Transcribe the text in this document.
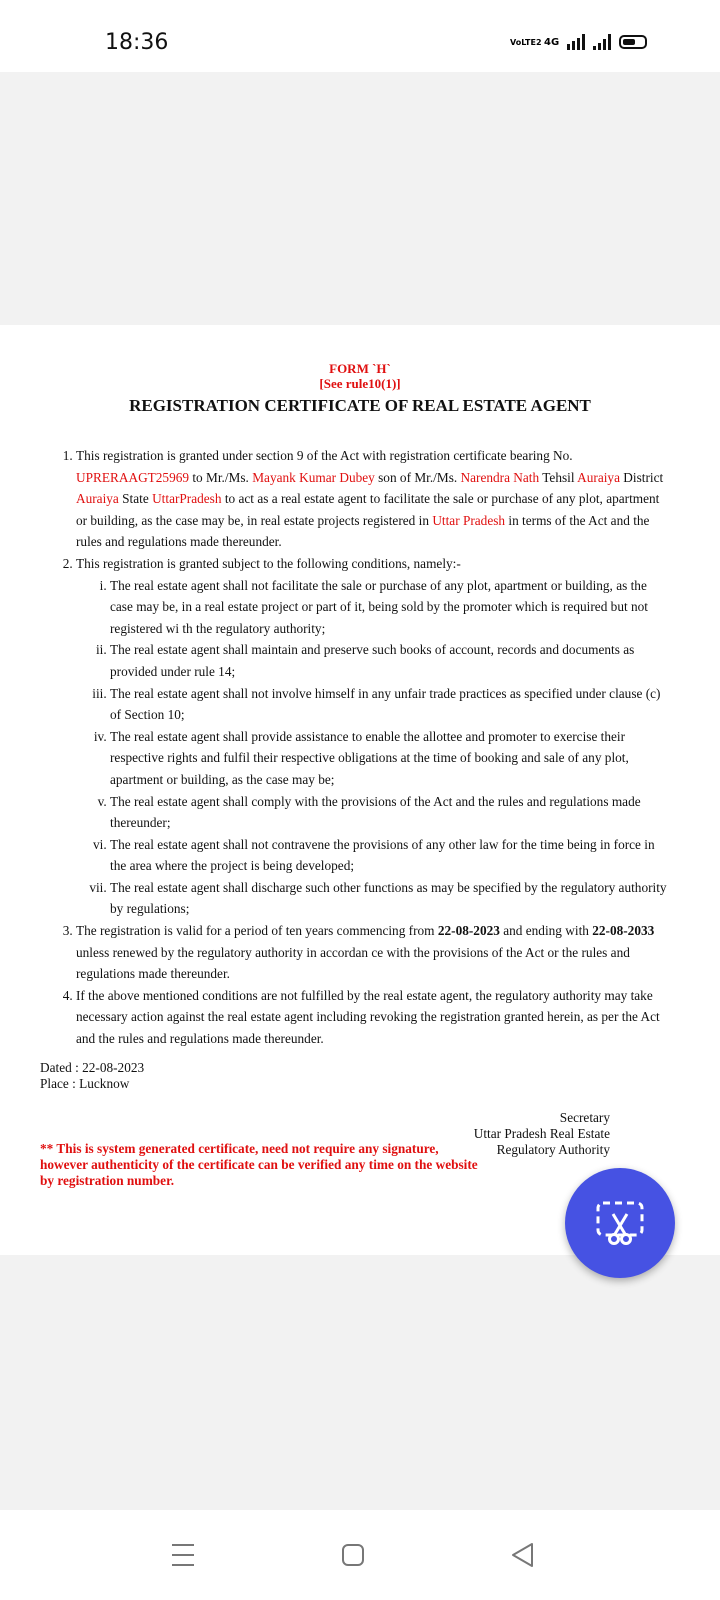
18:36	VoLTE2 4G
FORM `H`
[See rule10(1)]
REGISTRATION CERTIFICATE OF REAL ESTATE AGENT
1. This registration is granted under section 9 of the Act with registration certificate bearing No. UPRERAAGT25969 to Mr./Ms. Mayank Kumar Dubey son of Mr./Ms. Narendra Nath Tehsil Auraiya District Auraiya State UttarPradesh to act as a real estate agent to facilitate the sale or purchase of any plot, apartment or building, as the case may be, in real estate projects registered in Uttar Pradesh in terms of the Act and the rules and regulations made thereunder.
2. This registration is granted subject to the following conditions, namely:-
i. The real estate agent shall not facilitate the sale or purchase of any plot, apartment or building, as the case may be, in a real estate project or part of it, being sold by the promoter which is required but not registered wi th the regulatory authority;
ii. The real estate agent shall maintain and preserve such books of account, records and documents as provided under rule 14;
iii. The real estate agent shall not involve himself in any unfair trade practices as specified under clause (c) of Section 10;
iv. The real estate agent shall provide assistance to enable the allottee and promoter to exercise their respective rights and fulfil their respective obligations at the time of booking and sale of any plot, apartment or building, as the case may be;
v. The real estate agent shall comply with the provisions of the Act and the rules and regulations made thereunder;
vi. The real estate agent shall not contravene the provisions of any other law for the time being in force in the area where the project is being developed;
vii. The real estate agent shall discharge such other functions as may be specified by the regulatory authority by regulations;
3. The registration is valid for a period of ten years commencing from 22-08-2023 and ending with 22-08-2033 unless renewed by the regulatory authority in accordan ce with the provisions of the Act or the rules and regulations made thereunder.
4. If the above mentioned conditions are not fulfilled by the real estate agent, the regulatory authority may take necessary action against the real estate agent including revoking the registration granted herein, as per the Act and the rules and regulations made thereunder.
Dated : 22-08-2023
Place : Lucknow
Secretary
Uttar Pradesh Real Estate
Regulatory Authority
** This is system generated certificate, need not require any signature, however authenticity of the certificate can be verified any time on the website by registration number.
